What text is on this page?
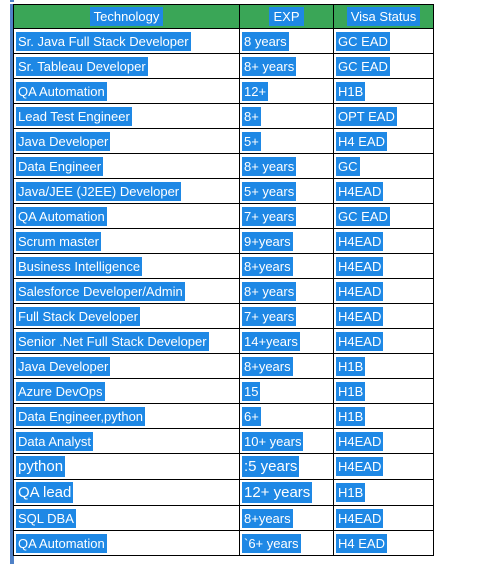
Technology	EXP	Visa Status
Sr. Java Full Stack Developer	8 years	GC EAD
Sr. Tableau Developer	8+ years	GC EAD
QA Automation	12+	H1B
Lead Test Engineer	8+	OPT EAD
Java Developer	5+	H4 EAD
Data Engineer	8+ years	GC
Java/JEE (J2EE) Developer	5+ years	H4EAD
QA Automation	7+ years	GC EAD
Scrum master	9+years	H4EAD
Business Intelligence	8+years	H4EAD
Salesforce Developer/Admin	8+ years	H4EAD
Full Stack Developer	7+ years	H4EAD
Senior .Net Full Stack Developer	14+years	H4EAD
Java Developer	8+years	H1B
Azure DevOps	15	H1B
Data Engineer,python	6+	H1B
Data Analyst	10+ years	H4EAD
python	:5 years	H4EAD
QA lead	12+ years	H1B
SQL DBA	8+years	H4EAD
QA Automation	`6+ years	H4 EAD
